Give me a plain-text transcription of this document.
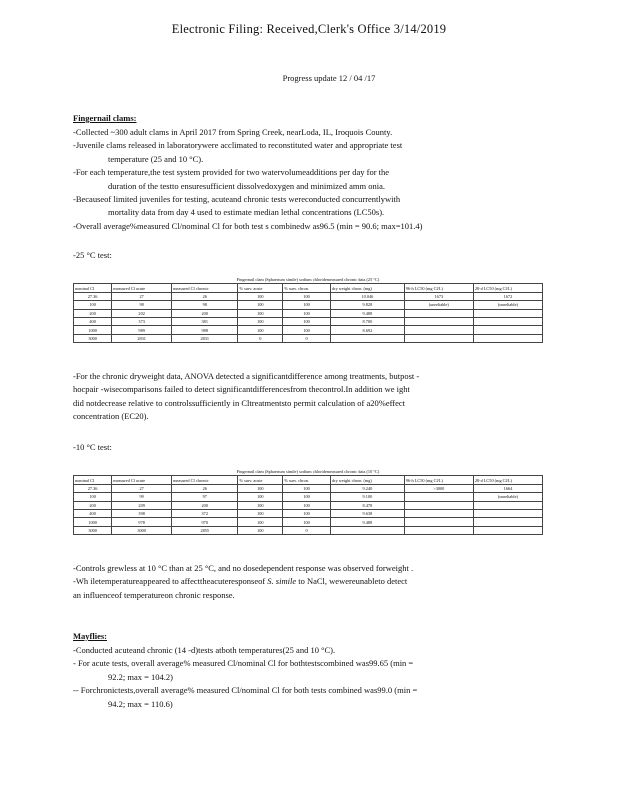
Electronic Filing: Received,Clerk's Office 3/14/2019
Progress update 12 / 04 /17
Fingernail clams:
-Collected ~300 adult clams in April 2017 from Spring Creek, nearLoda, IL, Iroquois County.
-Juvenile clams released in laboratorywere acclimated to reconstituted water and appropriate test
temperature (25 and 10 °C).
-For each temperature,the test system provided for two watervolumeadditions per day for the
duration of the testto ensuresufficient dissolvedoxygen and minimized amm onia.
-Becauseof limited juveniles for testing, acuteand chronic tests wereconducted concurrentlywith
mortality data from day 4 used to estimate median lethal concentrations (LC50s).
-Overall average%measured Cl/nominal Cl for both test s combinedw as96.5 (min = 90.6; max=101.4)
-25 °C test:
Fingernail clam (Sphaerium simile) sodium chloridemeasured chronic data (25 °C)							
nominal Cl	measured Cl acute	measured Cl chronic	% surv. acute	% surv. chron.	dry weight chron. (mg)	96-h LC50 (mg Cl/L)	28-d LC50 (mg Cl/L)
27.36	27	26	100	100	10.046	1673	1672
100	98	98	100	100	9.828	(unreliable)	(unreliable)
200	202	200	100	100	9.488		
400	373	381	100	100	8.700		
1000	989	988	100	100	8.692		
3000	2831	2831	0	0			
-For the chronic dryweight data, ANOVA detected a significantdifference among treatments, butpost -
hocpair -wisecomparisons failed to detect significantdifferencesfrom thecontrol.In addition we ight
did notdecrease relative to controlssufficiently in Cltreatmentsto permit calculation of a20%effect
concentration (EC20).
-10 °C test:
Fingernail clam (Sphaerium simile) sodium chloridemeasured chronic data (10 °C)							
nominal Cl	measured Cl acute	measured Cl chronic	% surv. acute	% surv. chron.	dry weight chron. (mg)	96-h LC50 (mg Cl/L)	28-d LC50 (mg Cl/L)
27.36	27	26	100	100	9.240	>3000	1664
100	99	97	100	100	9.100		(unreliable)
200	209	200	100	100	8.478		
400	398	372	100	100	9.638		
1000	978	970	100	100	9.488		
3000	3000	2855	100	0			
-Controls grewless at 10 °C than at 25 °C, and no dosedependent response was observed forweight .
-Wh iletemperatureappeared to affecttheacuteresponseof S. simile to NaCl, wewereunableto detect
an influenceof temperatureon chronic response.
Mayflies:
-Conducted acuteand chronic (14 -d)tests atboth temperatures(25 and 10 °C).
- For acute tests, overall average% measured Cl/nominal Cl for bothtestscombined was99.65 (min =
92.2; max = 104.2)
-- Forchronictests,overall average% measured Cl/nominal Cl for both tests combined was99.0 (min =
94.2; max = 110.6)
